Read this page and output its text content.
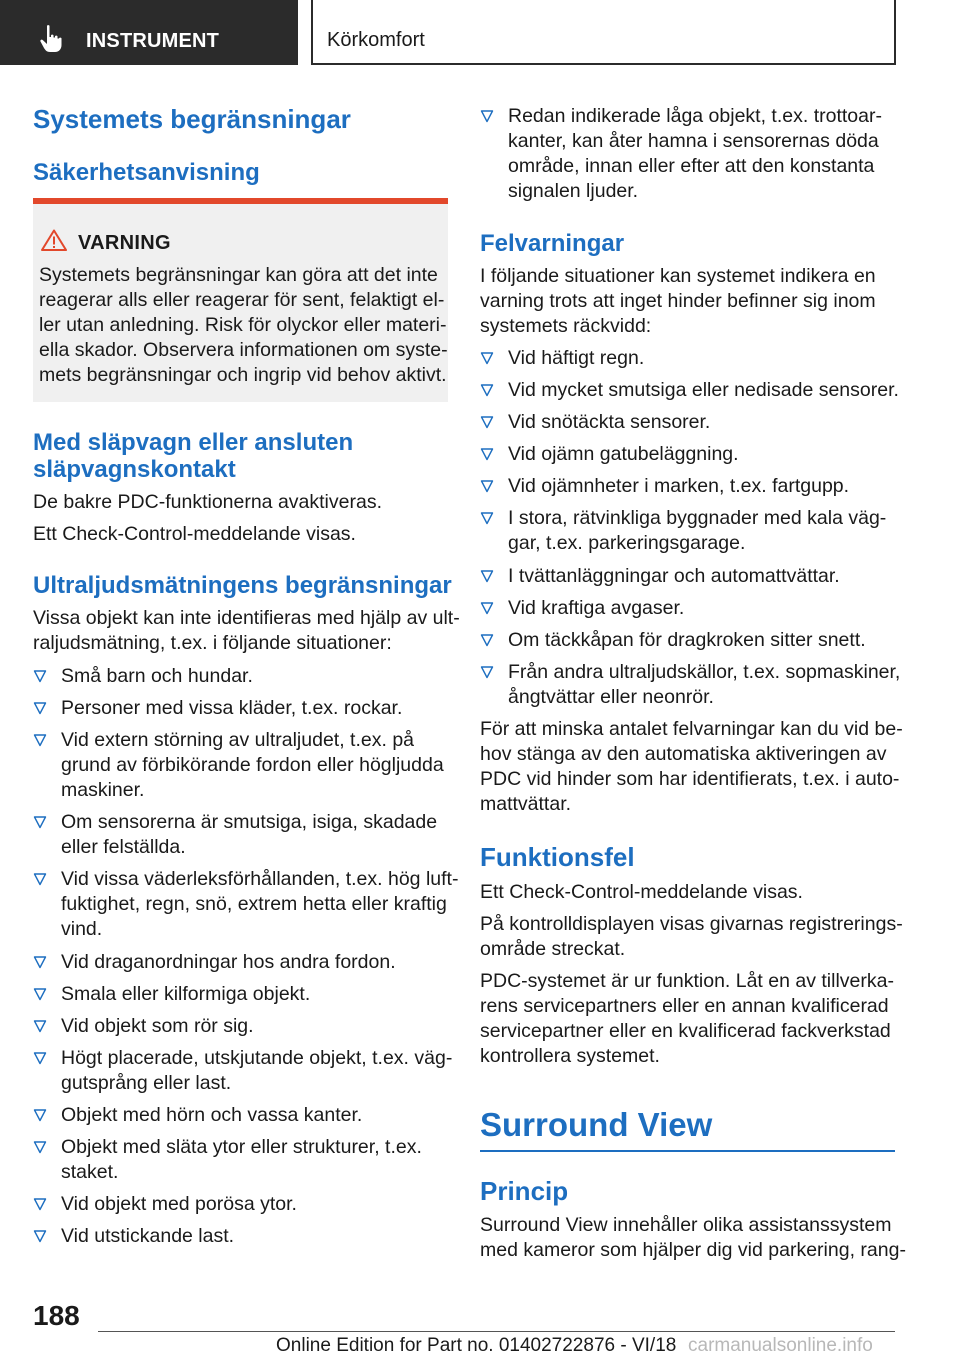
INSTRUMENT	Körkomfort
Systemets begränsningar
Säkerhetsanvisning
VARNING
Systemets begränsningar kan göra att det inte
reagerar alls eller reagerar för sent, felaktigt el-
ler utan anledning. Risk för olyckor eller materi-
ella skador. Observera informationen om syste-
mets begränsningar och ingrip vid behov aktivt.
Med släpvagn eller ansluten
släpvagnskontakt
De bakre PDC-funktionerna avaktiveras.
Ett Check-Control-meddelande visas.
Ultraljudsmätningens begränsningar
Vissa objekt kan inte identifieras med hjälp av ult-
raljudsmätning, t.ex. i följande situationer:
Små barn och hundar.
Personer med vissa kläder, t.ex. rockar.
Vid extern störning av ultraljudet, t.ex. på
grund av förbikörande fordon eller högljudda
maskiner.
Om sensorerna är smutsiga, isiga, skadade
eller felställda.
Vid vissa väderleksförhållanden, t.ex. hög luft-
fuktighet, regn, snö, extrem hetta eller kraftig
vind.
Vid draganordningar hos andra fordon.
Smala eller kilformiga objekt.
Vid objekt som rör sig.
Högt placerade, utskjutande objekt, t.ex. väg-
gutsprång eller last.
Objekt med hörn och vassa kanter.
Objekt med släta ytor eller strukturer, t.ex.
staket.
Vid objekt med porösa ytor.
Vid utstickande last.
Redan indikerade låga objekt, t.ex. trottoar-
kanter, kan åter hamna i sensorernas döda
område, innan eller efter att den konstanta
signalen ljuder.
Felvarningar
I följande situationer kan systemet indikera en
varning trots att inget hinder befinner sig inom
systemets räckvidd:
Vid häftigt regn.
Vid mycket smutsiga eller nedisade sensorer.
Vid snötäckta sensorer.
Vid ojämn gatubeläggning.
Vid ojämnheter i marken, t.ex. fartgupp.
I stora, rätvinkliga byggnader med kala väg-
gar, t.ex. parkeringsgarage.
I tvättanläggningar och automattvättar.
Vid kraftiga avgaser.
Om täckkåpan för dragkroken sitter snett.
Från andra ultraljudskällor, t.ex. sopmaskiner,
ångtvättar eller neonrör.
För att minska antalet felvarningar kan du vid be-
hov stänga av den automatiska aktiveringen av
PDC vid hinder som har identifierats, t.ex. i auto-
mattvättar.
Funktionsfel
Ett Check-Control-meddelande visas.
På kontrolldisplayen visas givarnas registrerings-
område streckat.
PDC-systemet är ur funktion. Låt en av tillverka-
rens servicepartners eller en annan kvalificerad
servicepartner eller en kvalificerad fackverkstad
kontrollera systemet.
Surround View
Princip
Surround View innehåller olika assistanssystem
med kameror som hjälper dig vid parkering, rang-
188
Online Edition for Part no. 01402722876 - VI/18 carmanualsonline.info
